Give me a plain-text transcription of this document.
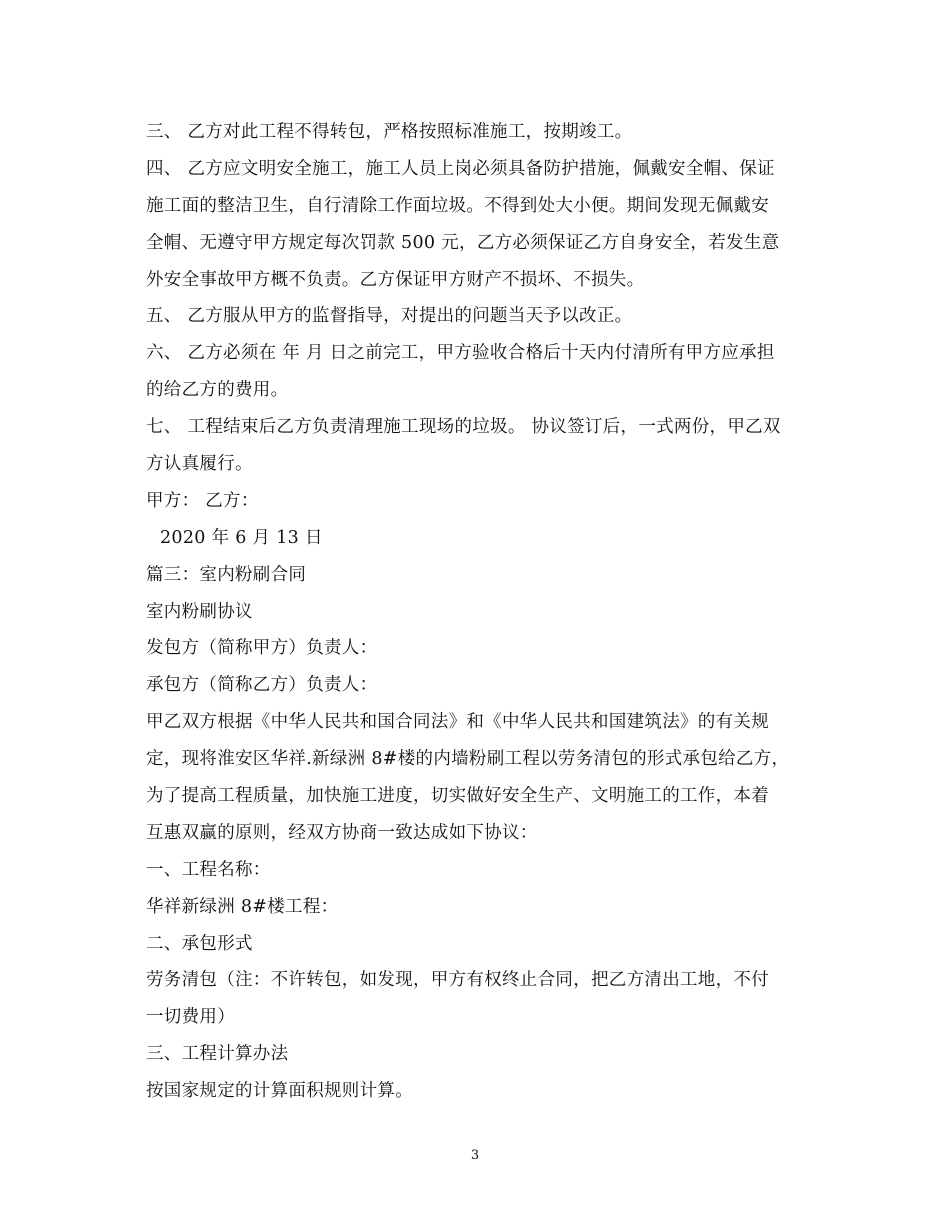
三、 乙方对此工程不得转包，严格按照标准施工，按期竣工。
四、 乙方应文明安全施工，施工人员上岗必须具备防护措施，佩戴安全帽、保证
施工面的整洁卫生，自行清除工作面垃圾。不得到处大小便。期间发现无佩戴安
全帽、无遵守甲方规定每次罚款 500 元，乙方必须保证乙方自身安全，若发生意
外安全事故甲方概不负责。乙方保证甲方财产不损坏、不损失。
五、 乙方服从甲方的监督指导，对提出的问题当天予以改正。
六、 乙方必须在 年 月 日之前完工，甲方验收合格后十天内付清所有甲方应承担
的给乙方的费用。
七、 工程结束后乙方负责清理施工现场的垃圾。 协议签订后，一式两份，甲乙双
方认真履行。
甲方： 乙方：
2020 年 6 月 13 日
篇三：室内粉刷合同
室内粉刷协议
发包方（简称甲方）负责人：
承包方（简称乙方）负责人：
甲乙双方根据《中华人民共和国合同法》和《中华人民共和国建筑法》的有关规
定，现将淮安区华祥.新绿洲 8#楼的内墙粉刷工程以劳务清包的形式承包给乙方，
为了提高工程质量，加快施工进度，切实做好安全生产、文明施工的工作，本着
互惠双赢的原则，经双方协商一致达成如下协议：
一、工程名称：
华祥新绿洲 8#楼工程：
二、承包形式
劳务清包（注：不许转包，如发现，甲方有权终止合同，把乙方清出工地，不付
一切费用）
三、工程计算办法
按国家规定的计算面积规则计算。
3
